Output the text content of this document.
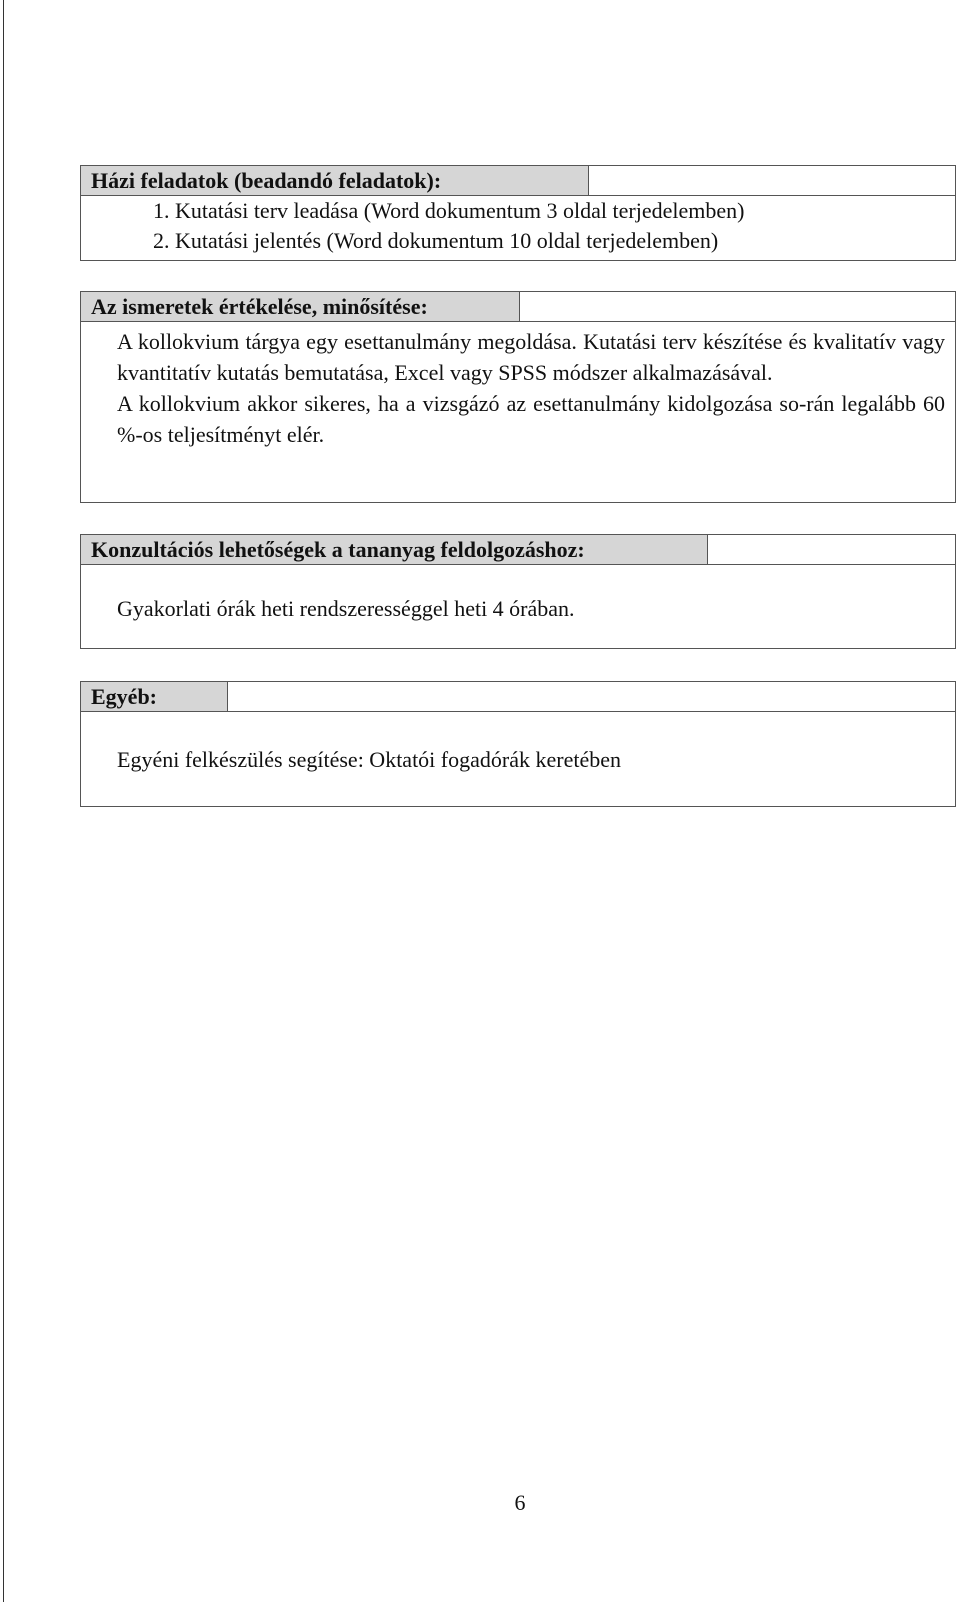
Házi feladatok (beadandó feladatok):
1. Kutatási terv leadása (Word dokumentum 3 oldal terjedelemben)
2. Kutatási jelentés (Word dokumentum 10 oldal terjedelemben)
Az ismeretek értékelése, minősítése:
A kollokvium tárgya egy esettanulmány megoldása. Kutatási terv készítése és kvalitatív vagy kvantitatív kutatás bemutatása, Excel vagy SPSS módszer alkalmazásával.
A kollokvium akkor sikeres, ha a vizsgázó az esettanulmány kidolgozása so-rán legalább 60 %-os teljesítményt elér.
Konzultációs lehetőségek a tananyag feldolgozáshoz:
Gyakorlati órák heti rendszerességgel heti 4 órában.
Egyéb:
Egyéni felkészülés segítése: Oktatói fogadórák keretében
6
